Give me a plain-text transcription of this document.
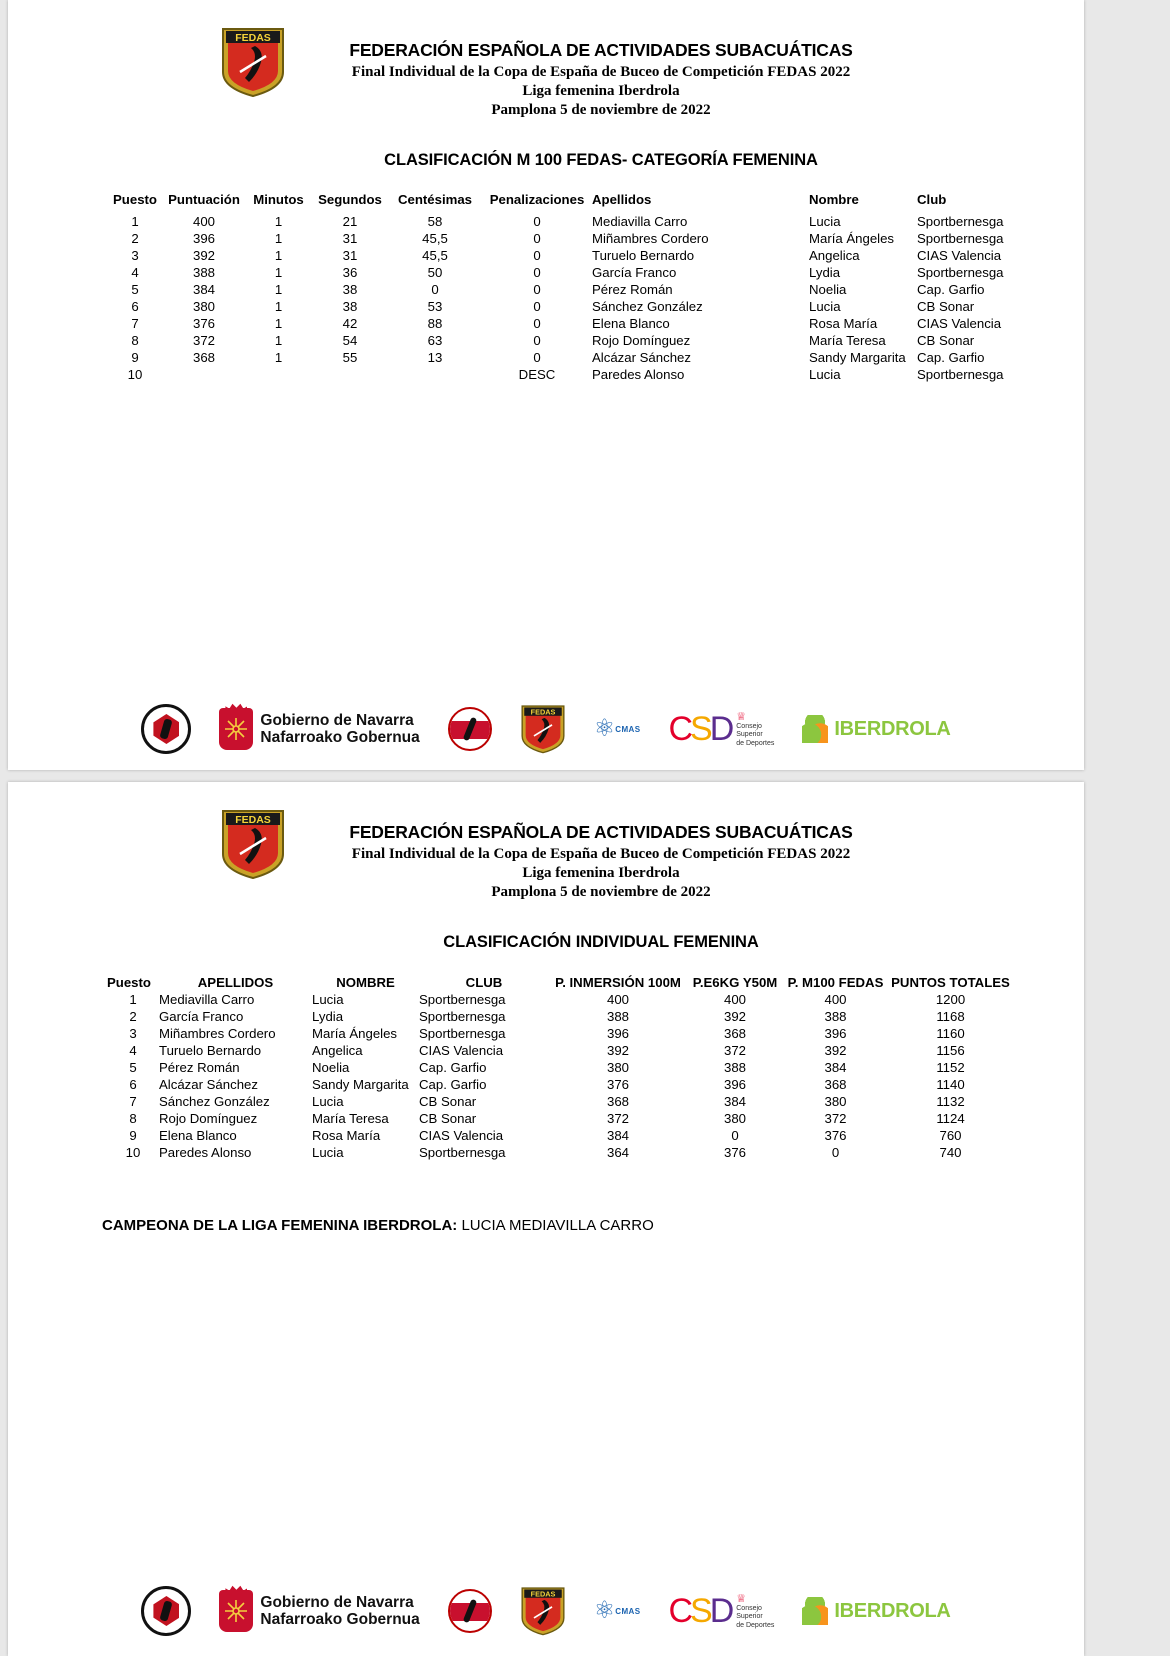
FEDAS
FEDERACIÓN ESPAÑOLA DE ACTIVIDADES SUBACUÁTICAS
Final Individual de la Copa de España de Buceo de Competición FEDAS 2022
Liga femenina Iberdrola
Pamplona 5 de noviembre de 2022
CLASIFICACIÓN M 100 FEDAS- CATEGORÍA FEMENINA
Puesto	Puntuación	Minutos	Segundos	Centésimas	Penalizaciones	Apellidos	Nombre	Club
1	400	1	21	58	0	Mediavilla Carro	Lucia	Sportbernesga
2	396	1	31	45,5	0	Miñambres Cordero	María Ángeles	Sportbernesga
3	392	1	31	45,5	0	Turuelo Bernardo	Angelica	CIAS Valencia
4	388	1	36	50	0	García Franco	Lydia	Sportbernesga
5	384	1	38	0	0	Pérez Román	Noelia	Cap. Garfio
6	380	1	38	53	0	Sánchez González	Lucia	CB Sonar
7	376	1	42	88	0	Elena Blanco	Rosa María	CIAS Valencia
8	372	1	54	63	0	Rojo Domínguez	María Teresa	CB Sonar
9	368	1	55	13	0	Alcázar Sánchez	Sandy Margarita	Cap. Garfio
10					DESC	Paredes Alonso	Lucia	Sportbernesga
Gobierno de Navarra
Nafarroako Gobernua
FEDAS
⚛ CMAS CSD ♕
Consejo
Superior
de Deportes
IBERDROLA
FEDAS
FEDERACIÓN ESPAÑOLA DE ACTIVIDADES SUBACUÁTICAS
Final Individual de la Copa de España de Buceo de Competición FEDAS 2022
Liga femenina Iberdrola
Pamplona 5 de noviembre de 2022
CLASIFICACIÓN INDIVIDUAL FEMENINA
Puesto	APELLIDOS	NOMBRE	CLUB	P. INMERSIÓN 100M	P.E6KG Y50M	P. M100 FEDAS	PUNTOS TOTALES
1	Mediavilla Carro	Lucia	Sportbernesga	400	400	400	1200
2	García Franco	Lydia	Sportbernesga	388	392	388	1168
3	Miñambres Cordero	María Ángeles	Sportbernesga	396	368	396	1160
4	Turuelo Bernardo	Angelica	CIAS Valencia	392	372	392	1156
5	Pérez Román	Noelia	Cap. Garfio	380	388	384	1152
6	Alcázar Sánchez	Sandy Margarita	Cap. Garfio	376	396	368	1140
7	Sánchez González	Lucia	CB Sonar	368	384	380	1132
8	Rojo Domínguez	María Teresa	CB Sonar	372	380	372	1124
9	Elena Blanco	Rosa María	CIAS Valencia	384	0	376	760
10	Paredes Alonso	Lucia	Sportbernesga	364	376	0	740
CAMPEONA DE LA LIGA FEMENINA IBERDROLA: LUCIA MEDIAVILLA CARRO
Gobierno de Navarra
Nafarroako Gobernua
FEDAS
⚛ CMAS CSD ♕
Consejo
Superior
de Deportes
IBERDROLA
